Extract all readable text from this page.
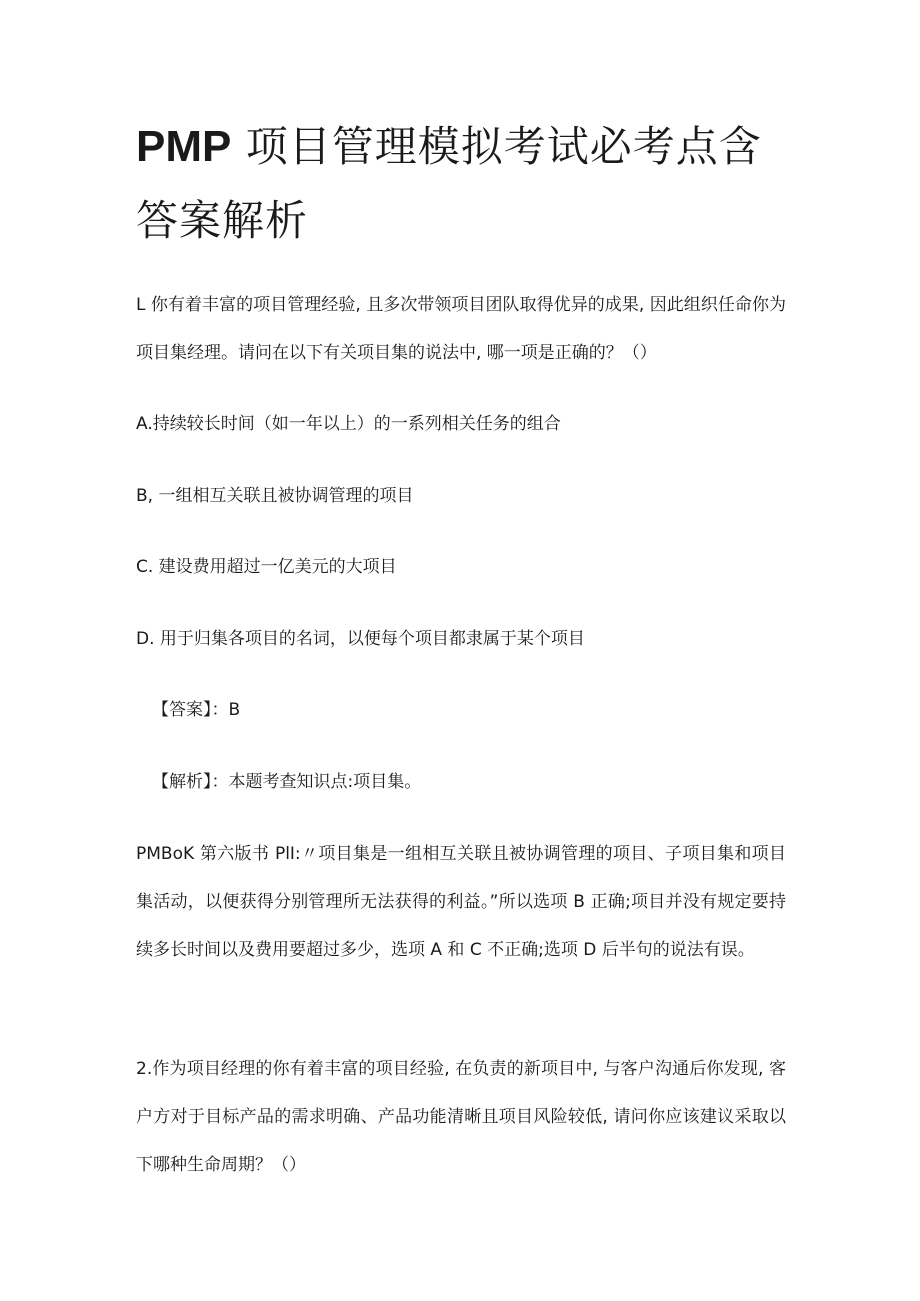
PMP 项目管理模拟考试必考点含答案解析

L 你有着丰富的项目管理经验, 且多次带领项目团队取得优异的成果, 因此组织任命你为项目集经理。请问在以下有关项目集的说法中, 哪一项是正确的？（）

A.持续较长时间（如一年以上）的一系列相关任务的组合

B, 一组相互关联且被协调管理的项目

C. 建设费用超过一亿美元的大项目

D. 用于归集各项目的名词，以便每个项目都隶属于某个项目

【答案】：B

【解析】：本题考查知识点:项目集。

PMBoK 第六版书 PlI:〃项目集是一组相互关联且被协调管理的项目、子项目集和项目集活动，以便获得分别管理所无法获得的利益。”所以选项 B 正确;项目并没有规定要持续多长时间以及费用要超过多少，选项 A 和 C 不正确;选项 D 后半句的说法有误。

2.作为项目经理的你有着丰富的项目经验, 在负责的新项目中, 与客户沟通后你发现, 客户方对于目标产品的需求明确、产品功能清晰且项目风险较低, 请问你应该建议采取以下哪种生命周期？（）
